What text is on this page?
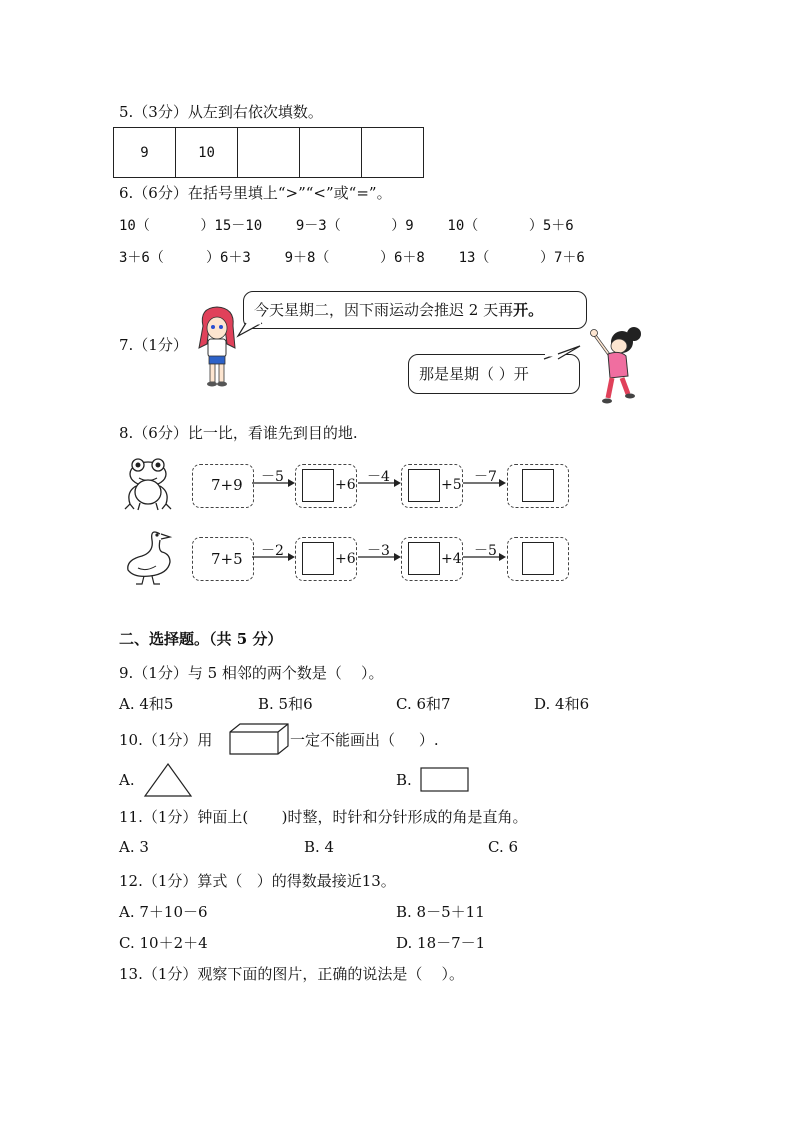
5.（3分）从左到右依次填数。
9	10			
6.（6分）在括号里填上“>”“<”或“=”。
10（      ）15－10    9－3（      ）9    10（      ）5＋6
3＋6（     ）6＋3    9＋8（      ）6＋8    13（      ）7＋6
7.（1分）
今天星期二，因下雨运动会推迟 2 天再开。
那是星期（ ）开
8.（6分）比一比，看谁先到目的地.
7+9 －5	+6 －4	+5 －7
7+5 －2	+6 －3	+4 －5
二、选择题。（共 5 分）
9.（1分）与 5 相邻的两个数是（    ）。
A. 4和5	B. 5和6	C. 6和7	D. 4和6
10.（1分）用	一定不能画出（     ）.
A.	B.
11.（1分）钟面上(       )时整，时针和分针形成的角是直角。
A. 3	B. 4	C. 6
12.（1分）算式（   ）的得数最接近13。
A. 7＋10－6	B. 8－5＋11
C. 10＋2＋4	D. 18－7－1
13.（1分）观察下面的图片，正确的说法是（    ）。
